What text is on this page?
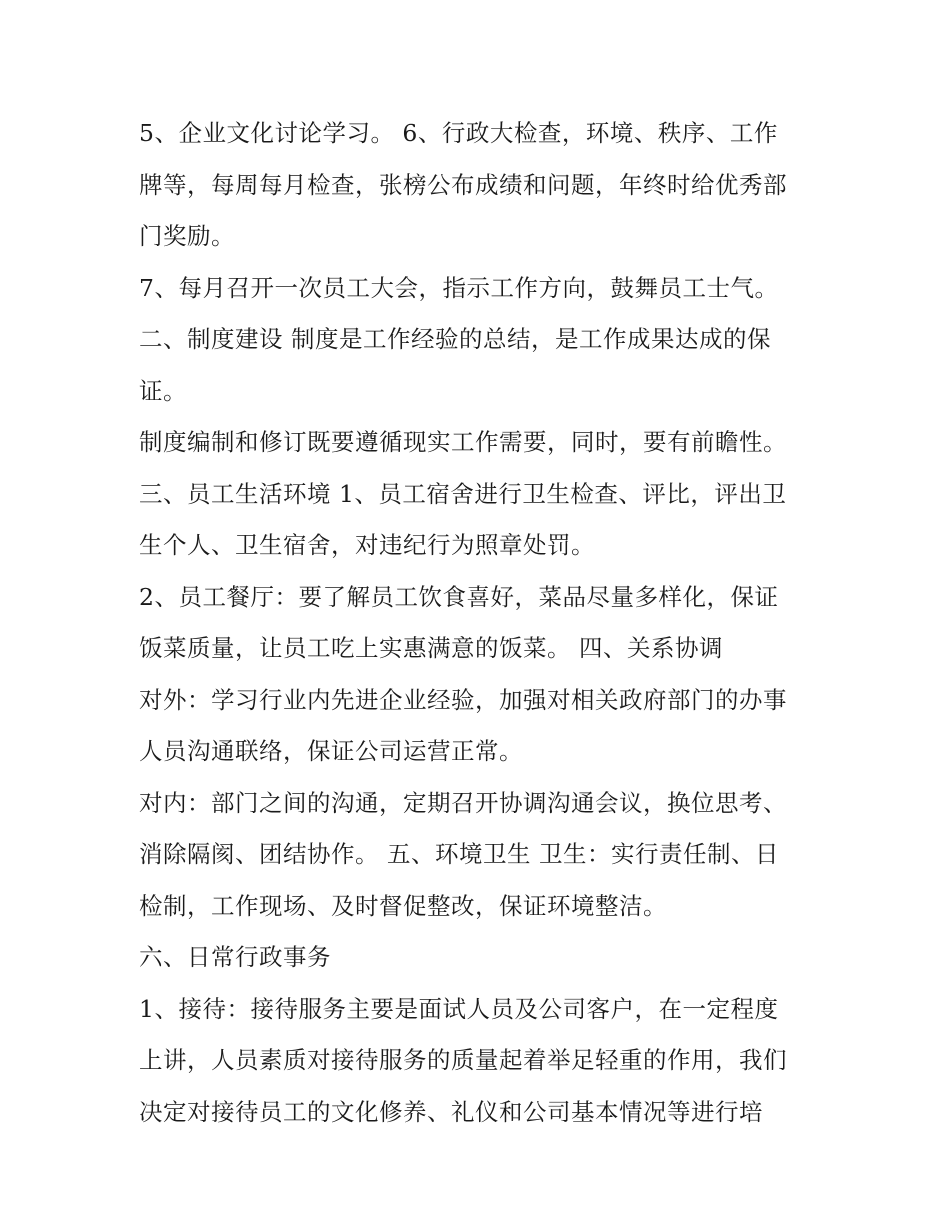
5、企业文化讨论学习。 6、行政大检查，环境、秩序、工作
牌等，每周每月检查，张榜公布成绩和问题，年终时给优秀部
门奖励。
7、每月召开一次员工大会，指示工作方向，鼓舞员工士气。
二、制度建设 制度是工作经验的总结，是工作成果达成的保
证。
制度编制和修订既要遵循现实工作需要，同时，要有前瞻性。
三、员工生活环境 1、员工宿舍进行卫生检查、评比，评出卫
生个人、卫生宿舍，对违纪行为照章处罚。
2、员工餐厅：要了解员工饮食喜好，菜品尽量多样化，保证
饭菜质量，让员工吃上实惠满意的饭菜。 四、关系协调
对外：学习行业内先进企业经验，加强对相关政府部门的办事
人员沟通联络，保证公司运营正常。
对内：部门之间的沟通，定期召开协调沟通会议，换位思考、
消除隔阂、团结协作。 五、环境卫生 卫生：实行责任制、日
检制，工作现场、及时督促整改，保证环境整洁。
六、日常行政事务
1、接待：接待服务主要是面试人员及公司客户，在一定程度
上讲，人员素质对接待服务的质量起着举足轻重的作用，我们
决定对接待员工的文化修养、礼仪和公司基本情况等进行培
